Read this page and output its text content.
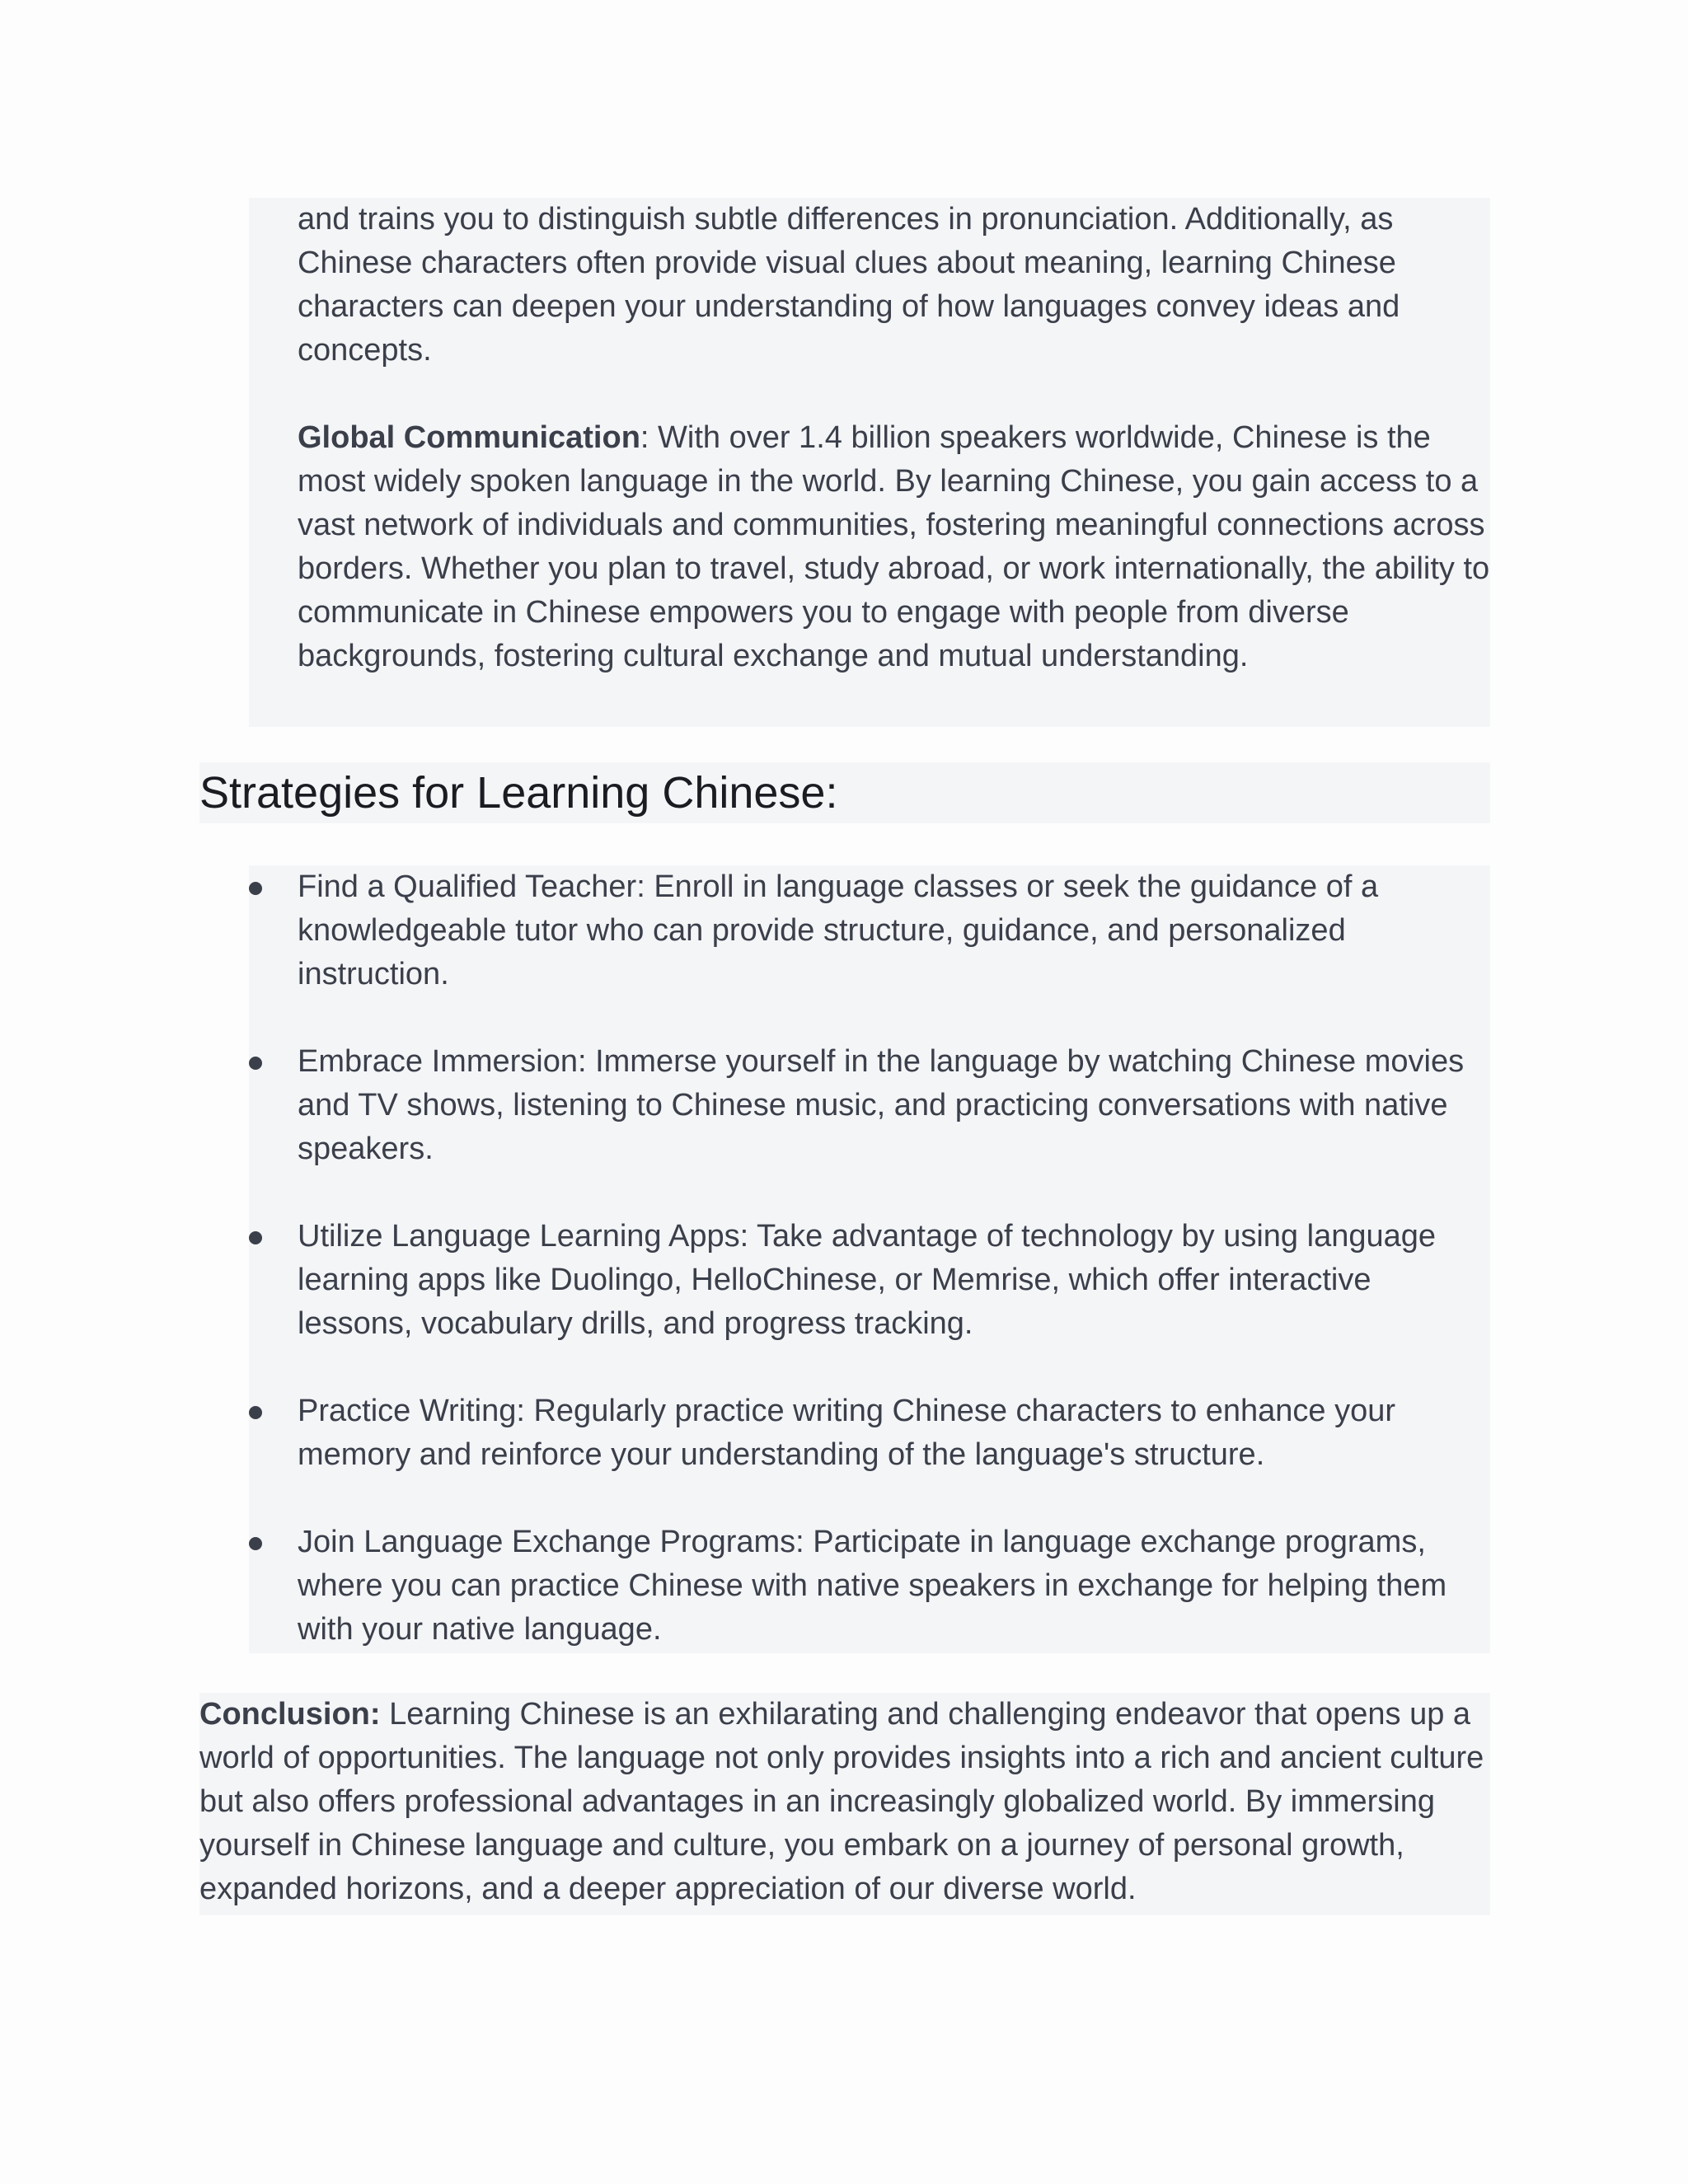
and trains you to distinguish subtle differences in pronunciation. Additionally, as Chinese characters often provide visual clues about meaning, learning Chinese characters can deepen your understanding of how languages convey ideas and concepts.

Global Communication: With over 1.4 billion speakers worldwide, Chinese is the most widely spoken language in the world. By learning Chinese, you gain access to a vast network of individuals and communities, fostering meaningful connections across borders. Whether you plan to travel, study abroad, or work internationally, the ability to communicate in Chinese empowers you to engage with people from diverse backgrounds, fostering cultural exchange and mutual understanding.

Strategies for Learning Chinese:
Find a Qualified Teacher: Enroll in language classes or seek the guidance of a knowledgeable tutor who can provide structure, guidance, and personalized instruction.
Embrace Immersion: Immerse yourself in the language by watching Chinese movies and TV shows, listening to Chinese music, and practicing conversations with native speakers.
Utilize Language Learning Apps: Take advantage of technology by using language learning apps like Duolingo, HelloChinese, or Memrise, which offer interactive lessons, vocabulary drills, and progress tracking.
Practice Writing: Regularly practice writing Chinese characters to enhance your memory and reinforce your understanding of the language's structure.
Join Language Exchange Programs: Participate in language exchange programs, where you can practice Chinese with native speakers in exchange for helping them with your native language.

Conclusion: Learning Chinese is an exhilarating and challenging endeavor that opens up a world of opportunities. The language not only provides insights into a rich and ancient culture but also offers professional advantages in an increasingly globalized world. By immersing yourself in Chinese language and culture, you embark on a journey of personal growth, expanded horizons, and a deeper appreciation of our diverse world.
